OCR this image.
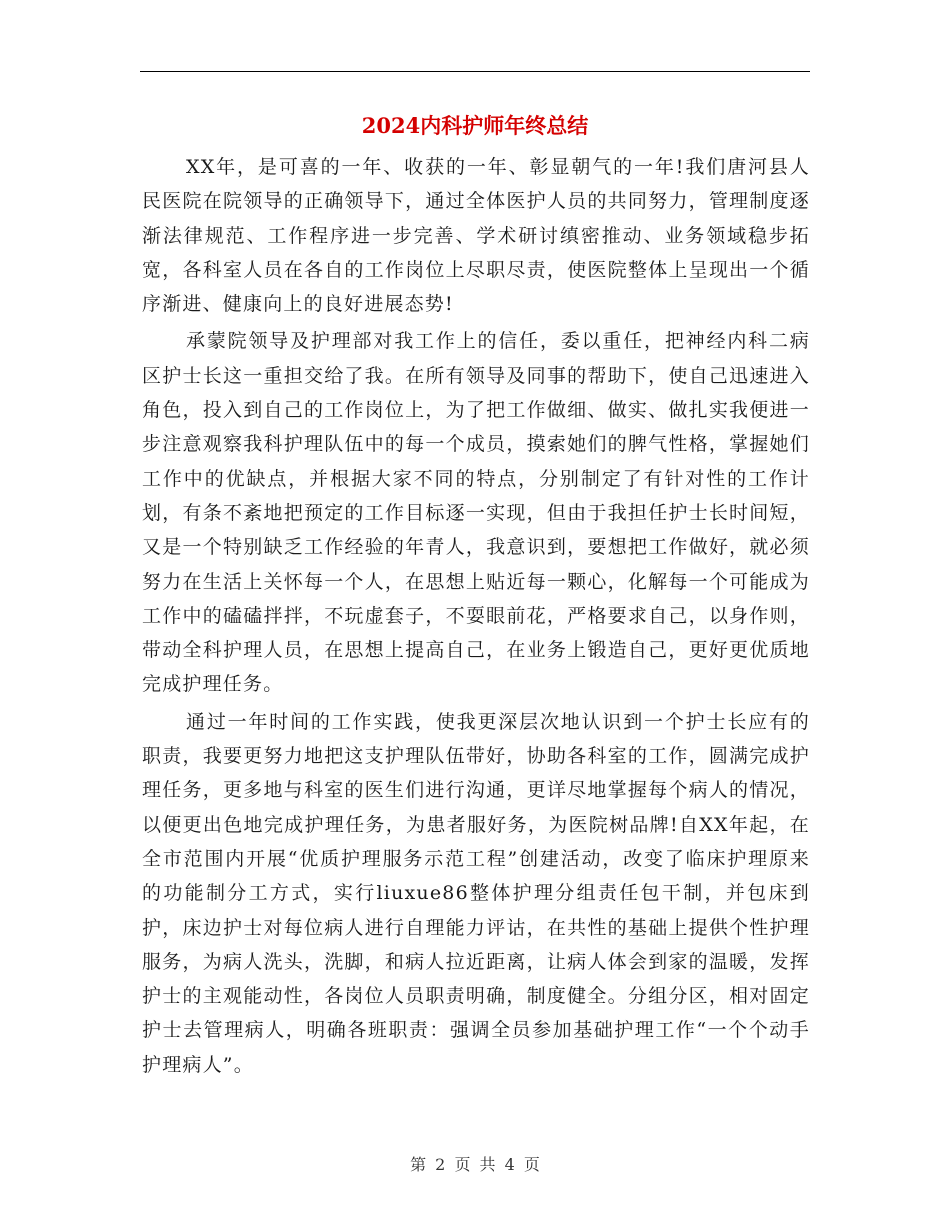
2024内科护师年终总结

XX年，是可喜的一年、收获的一年、彰显朝气的一年!我们唐河县人民医院在院领导的正确领导下，通过全体医护人员的共同努力，管理制度逐渐法律规范、工作程序进一步完善、学术研讨缜密推动、业务领域稳步拓宽，各科室人员在各自的工作岗位上尽职尽责，使医院整体上呈现出一个循序渐进、健康向上的良好进展态势!

承蒙院领导及护理部对我工作上的信任，委以重任，把神经内科二病区护士长这一重担交给了我。在所有领导及同事的帮助下，使自己迅速进入角色，投入到自己的工作岗位上，为了把工作做细、做实、做扎实我便进一步注意观察我科护理队伍中的每一个成员，摸索她们的脾气性格，掌握她们工作中的优缺点，并根据大家不同的特点，分别制定了有针对性的工作计划，有条不紊地把预定的工作目标逐一实现，但由于我担任护士长时间短，又是一个特别缺乏工作经验的年青人，我意识到，要想把工作做好，就必须努力在生活上关怀每一个人，在思想上贴近每一颗心，化解每一个可能成为工作中的磕磕拌拌，不玩虚套子，不耍眼前花，严格要求自己，以身作则，带动全科护理人员，在思想上提高自己，在业务上锻造自己，更好更优质地完成护理任务。

通过一年时间的工作实践，使我更深层次地认识到一个护士长应有的职责，我要更努力地把这支护理队伍带好，协助各科室的工作，圆满完成护理任务，更多地与科室的医生们进行沟通，更详尽地掌握每个病人的情况，以便更出色地完成护理任务，为患者服好务，为医院树品牌!自XX年起，在全市范围内开展“优质护理服务示范工程”创建活动，改变了临床护理原来的功能制分工方式，实行liuxue86整体护理分组责任包干制，并包床到护，床边护士对每位病人进行自理能力评诂，在共性的基础上提供个性护理服务，为病人洗头，洗脚，和病人拉近距离，让病人体会到家的温暖，发挥护士的主观能动性，各岗位人员职责明确，制度健全。分组分区，相对固定护士去管理病人，明确各班职责：强调全员参加基础护理工作“一个个动手护理病人”。

第 2 页 共 4 页
